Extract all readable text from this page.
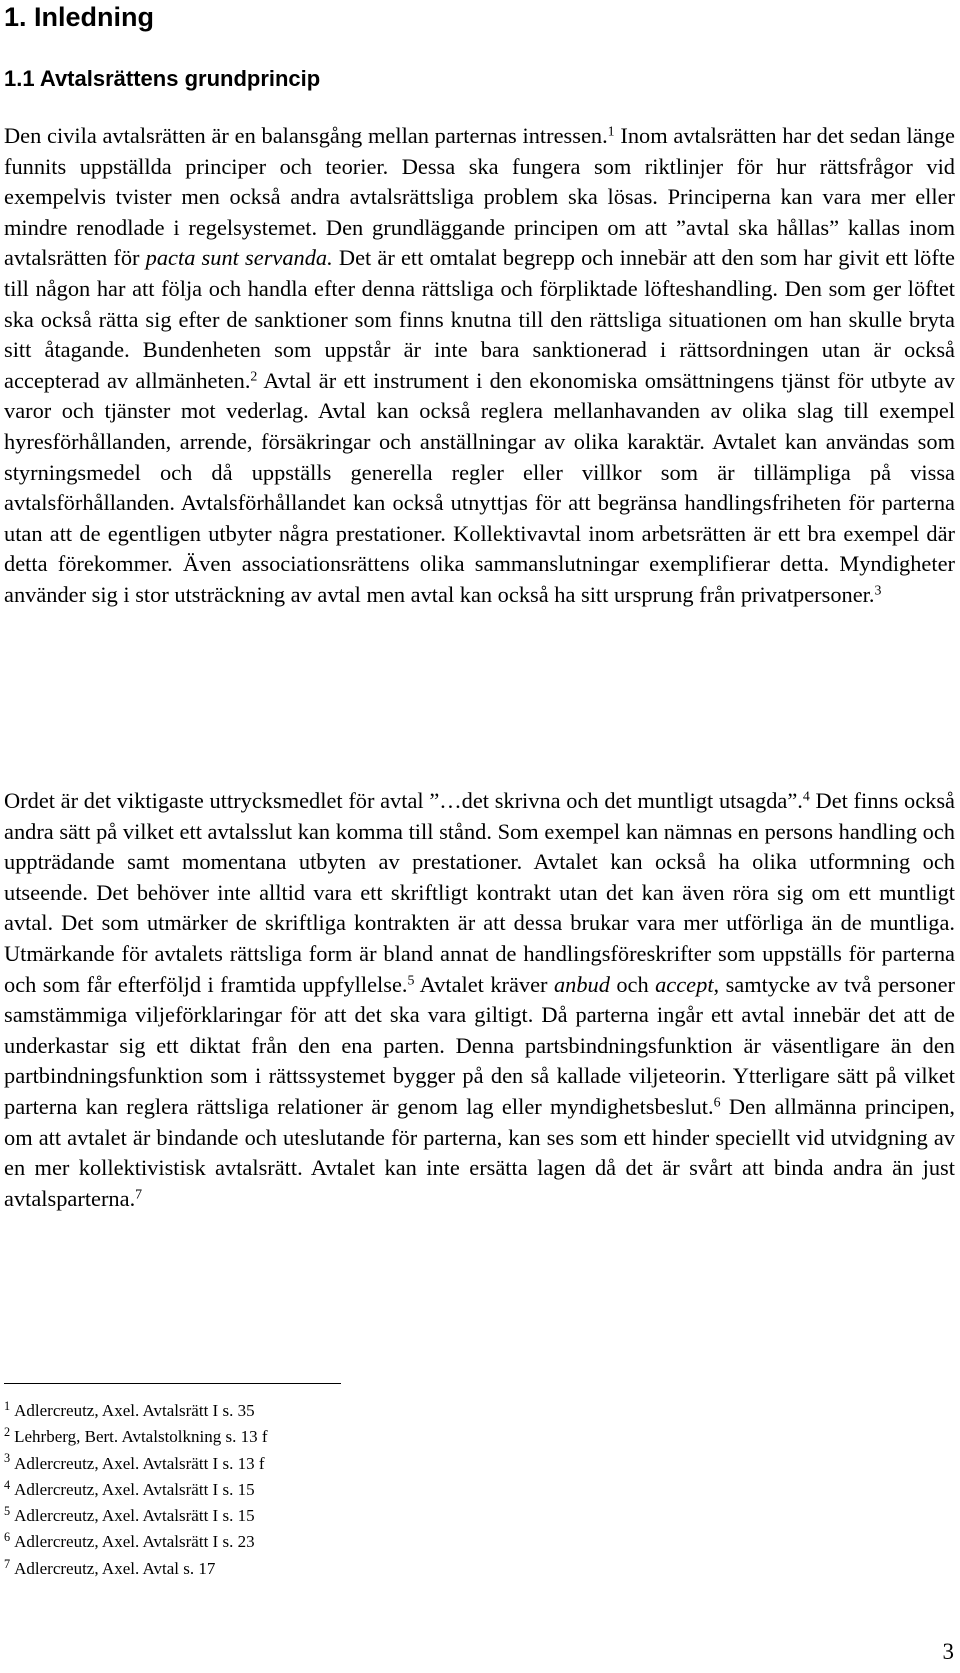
1. Inledning
1.1 Avtalsrättens grundprincip

Den civila avtalsrätten är en balansgång mellan parternas intressen.$^1$ Inom avtalsrätten har det sedan länge funnits uppställda principer och teorier. Dessa ska fungera som riktlinjer för hur rättsfrågor vid exempelvis tvister men också andra avtalsrättsliga problem ska lösas. Principerna kan vara mer eller mindre renodlade i regelsystemet. Den grundläggande principen om att ”avtal ska hållas” kallas inom avtalsrätten för pacta sunt servanda. Det är ett omtalat begrepp och innebär att den som har givit ett löfte till någon har att följa och handla efter denna rättsliga och förpliktade löfteshandling. Den som ger löftet ska också rätta sig efter de sanktioner som finns knutna till den rättsliga situationen om han skulle bryta sitt åtagande. Bundenheten som uppstår är inte bara sanktionerad i rättsordningen utan är också accepterad av allmänheten.$^2$ Avtal är ett instrument i den ekonomiska omsättningens tjänst för utbyte av varor och tjänster mot vederlag. Avtal kan också reglera mellanhavanden av olika slag till exempel hyresförhållanden, arrende, försäkringar och anställningar av olika karaktär. Avtalet kan användas som styrningsmedel och då uppställs generella regler eller villkor som är tillämpliga på vissa avtalsförhållanden. Avtalsförhållandet kan också utnyttjas för att begränsa handlingsfriheten för parterna utan att de egentligen utbyter några prestationer. Kollektivavtal inom arbetsrätten är ett bra exempel där detta förekommer. Även associationsrättens olika sammanslutningar exemplifierar detta. Myndigheter använder sig i stor utsträckning av avtal men avtal kan också ha sitt ursprung från privatpersoner.$^3$

Ordet är det viktigaste uttrycksmedlet för avtal ”…det skrivna och det muntligt utsagda”.$^4$ Det finns också andra sätt på vilket ett avtalsslut kan komma till stånd. Som exempel kan nämnas en persons handling och uppträdande samt momentana utbyten av prestationer. Avtalet kan också ha olika utformning och utseende. Det behöver inte alltid vara ett skriftligt kontrakt utan det kan även röra sig om ett muntligt avtal. Det som utmärker de skriftliga kontrakten är att dessa brukar vara mer utförliga än de muntliga. Utmärkande för avtalets rättsliga form är bland annat de handlingsföreskrifter som uppställs för parterna och som får efterföljd i framtida uppfyllelse.$^5$ Avtalet kräver anbud och accept, samtycke av två personer samstämmiga viljeförklaringar för att det ska vara giltigt. Då parterna ingår ett avtal innebär det att de underkastar sig ett diktat från den ena parten. Denna partsbindningsfunktion är väsentligare än den partbindningsfunktion som i rättssystemet bygger på den så kallade viljeteorin. Ytterligare sätt på vilket parterna kan reglera rättsliga relationer är genom lag eller myndighetsbeslut.$^6$ Den allmänna principen, om att avtalet är bindande och uteslutande för parterna, kan ses som ett hinder speciellt vid utvidgning av en mer kollektivistisk avtalsrätt. Avtalet kan inte ersätta lagen då det är svårt att binda andra än just avtalsparterna.$^7$

$^1$ Adlercreutz, Axel. Avtalsrätt I s. 35
$^2$ Lehrberg, Bert. Avtalstolkning s. 13 f
$^3$ Adlercreutz, Axel. Avtalsrätt I s. 13 f
$^4$ Adlercreutz, Axel. Avtalsrätt I s. 15
$^5$ Adlercreutz, Axel. Avtalsrätt I s. 15
$^6$ Adlercreutz, Axel. Avtalsrätt I s. 23
$^7$ Adlercreutz, Axel. Avtal s. 17
3
